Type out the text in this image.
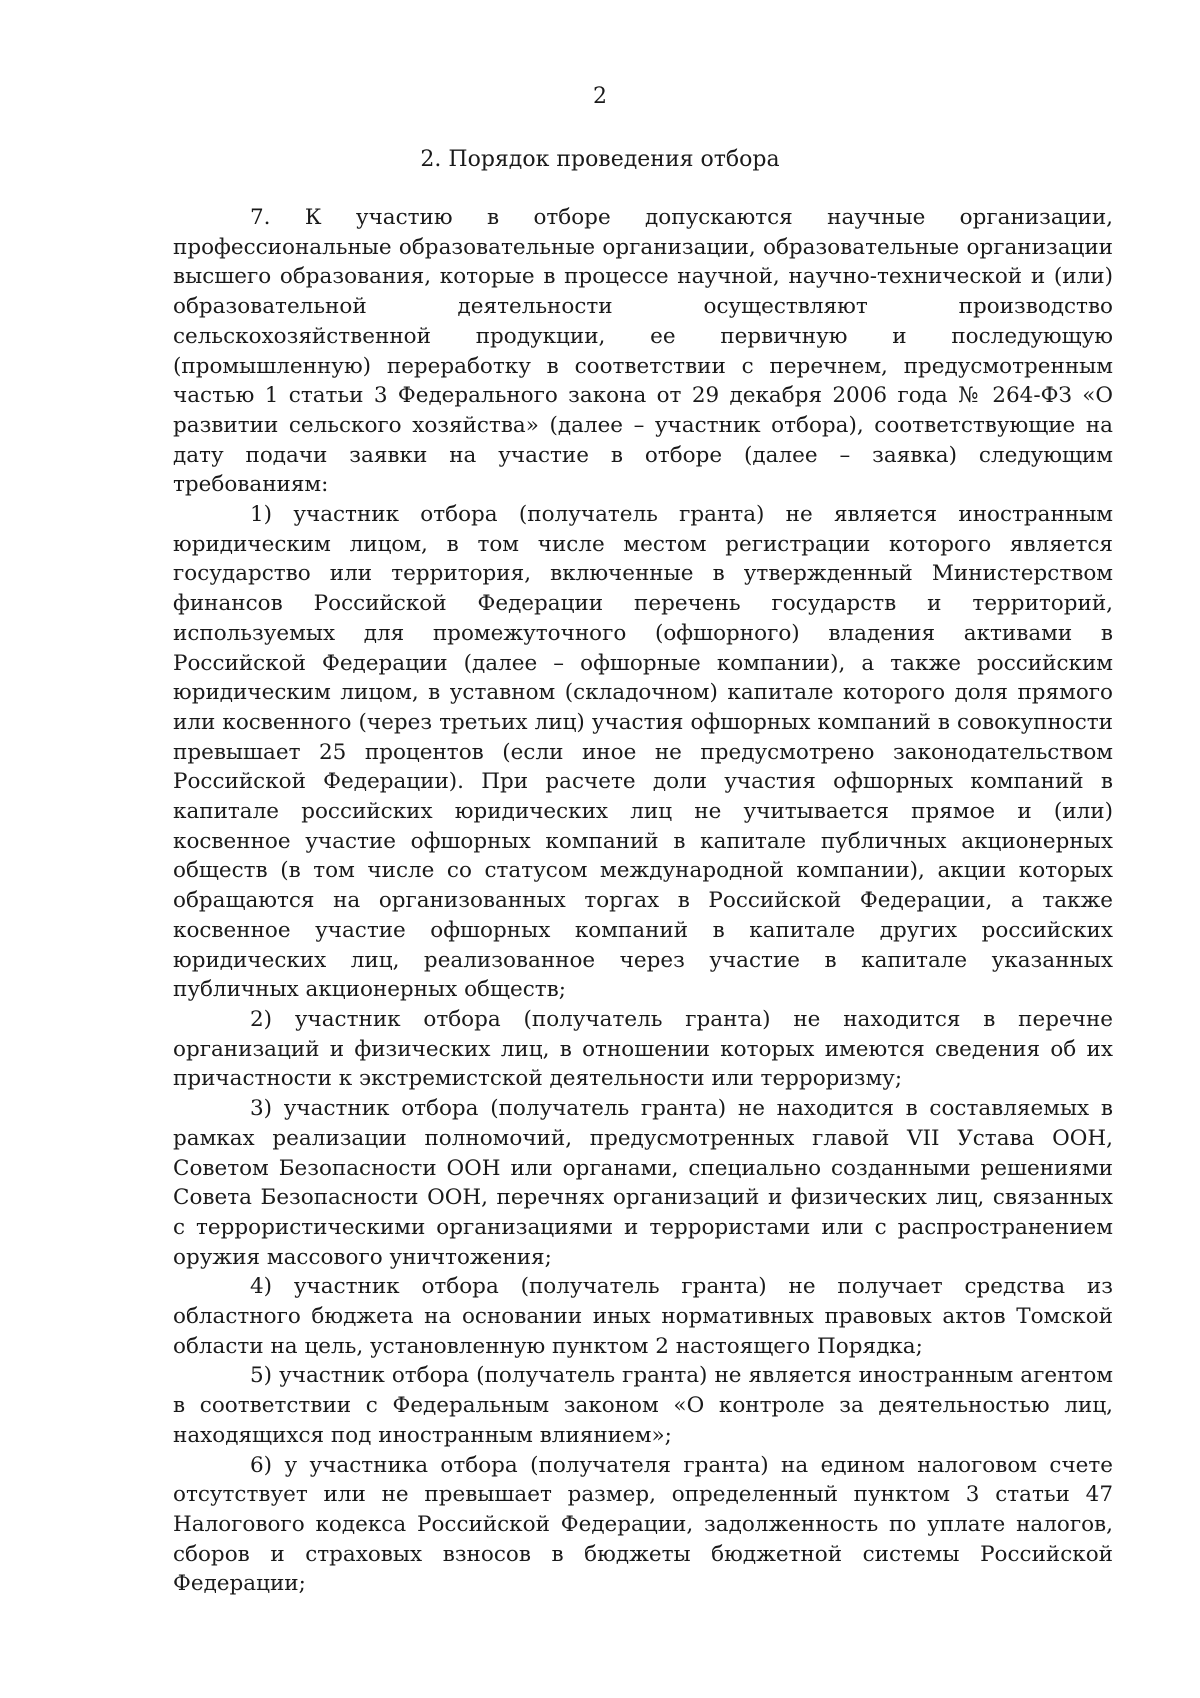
2
2. Порядок проведения отбора

7. К участию в отборе допускаются научные организации, профессиональные образовательные организации, образовательные организации высшего образования, которые в процессе научной, научно-технической и (или) образовательной деятельности осуществляют производство сельскохозяйственной продукции, ее первичную и последующую (промышленную) переработку в соответствии с перечнем, предусмотренным частью 1 статьи 3 Федерального закона от 29 декабря 2006 года № 264-ФЗ «О развитии сельского хозяйства» (далее – участник отбора), соответствующие на дату подачи заявки на участие в отборе (далее – заявка) следующим требованиям:

1) участник отбора (получатель гранта) не является иностранным юридическим лицом, в том числе местом регистрации которого является государство или территория, включенные в утвержденный Министерством финансов Российской Федерации перечень государств и территорий, используемых для промежуточного (офшорного) владения активами в Российской Федерации (далее – офшорные компании), а также российским юридическим лицом, в уставном (складочном) капитале которого доля прямого или косвенного (через третьих лиц) участия офшорных компаний в совокупности превышает 25 процентов (если иное не предусмотрено законодательством Российской Федерации). При расчете доли участия офшорных компаний в капитале российских юридических лиц не учитывается прямое и (или) косвенное участие офшорных компаний в капитале публичных акционерных обществ (в том числе со статусом международной компании), акции которых обращаются на организованных торгах в Российской Федерации, а также косвенное участие офшорных компаний в капитале других российских юридических лиц, реализованное через участие в капитале указанных публичных акционерных обществ;

2) участник отбора (получатель гранта) не находится в перечне организаций и физических лиц, в отношении которых имеются сведения об их причастности к экстремистской деятельности или терроризму;

3) участник отбора (получатель гранта) не находится в составляемых в рамках реализации полномочий, предусмотренных главой VII Устава ООН, Советом Безопасности ООН или органами, специально созданными решениями Совета Безопасности ООН, перечнях организаций и физических лиц, связанных с террористическими организациями и террористами или с распространением оружия массового уничтожения;

4) участник отбора (получатель гранта) не получает средства из областного бюджета на основании иных нормативных правовых актов Томской области на цель, установленную пунктом 2 настоящего Порядка;

5) участник отбора (получатель гранта) не является иностранным агентом в соответствии с Федеральным законом «О контроле за деятельностью лиц, находящихся под иностранным влиянием»;

6) у участника отбора (получателя гранта) на едином налоговом счете отсутствует или не превышает размер, определенный пунктом 3 статьи 47 Налогового кодекса Российской Федерации, задолженность по уплате налогов, сборов и страховых взносов в бюджеты бюджетной системы Российской Федерации;
